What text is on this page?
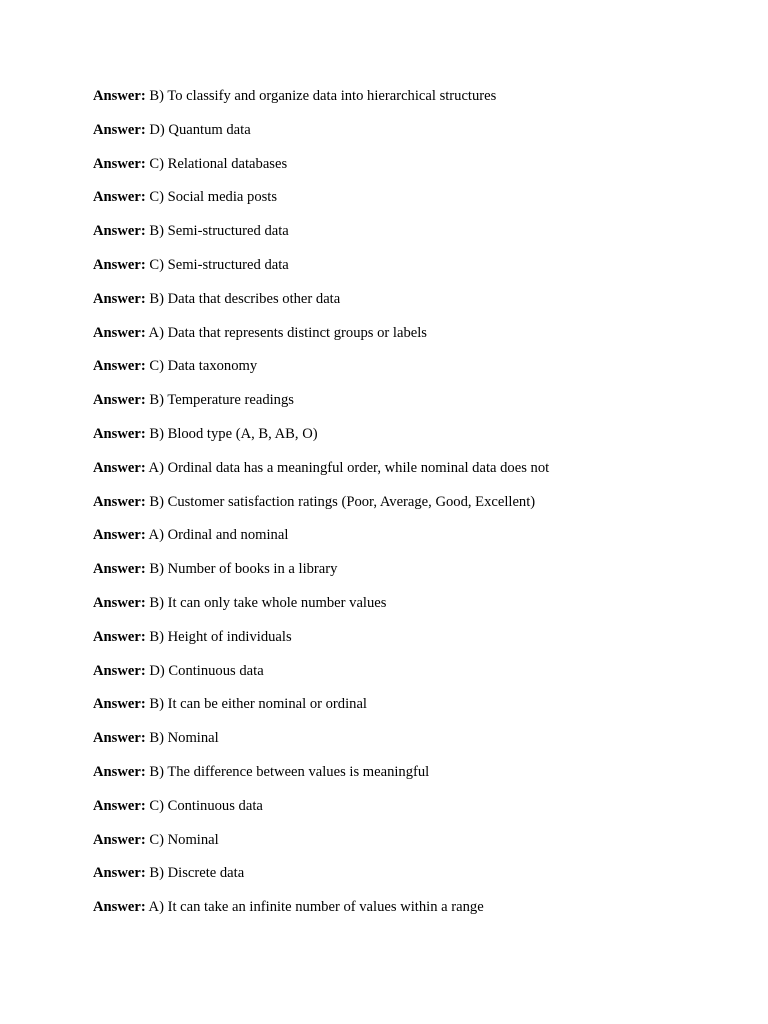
Answer: B) To classify and organize data into hierarchical structures
Answer: D) Quantum data
Answer: C) Relational databases
Answer: C) Social media posts
Answer: B) Semi-structured data
Answer: C) Semi-structured data
Answer: B) Data that describes other data
Answer: A) Data that represents distinct groups or labels
Answer: C) Data taxonomy
Answer: B) Temperature readings
Answer: B) Blood type (A, B, AB, O)
Answer: A) Ordinal data has a meaningful order, while nominal data does not
Answer: B) Customer satisfaction ratings (Poor, Average, Good, Excellent)
Answer: A) Ordinal and nominal
Answer: B) Number of books in a library
Answer: B) It can only take whole number values
Answer: B) Height of individuals
Answer: D) Continuous data
Answer: B) It can be either nominal or ordinal
Answer: B) Nominal
Answer: B) The difference between values is meaningful
Answer: C) Continuous data
Answer: C) Nominal
Answer: B) Discrete data
Answer: A) It can take an infinite number of values within a range
